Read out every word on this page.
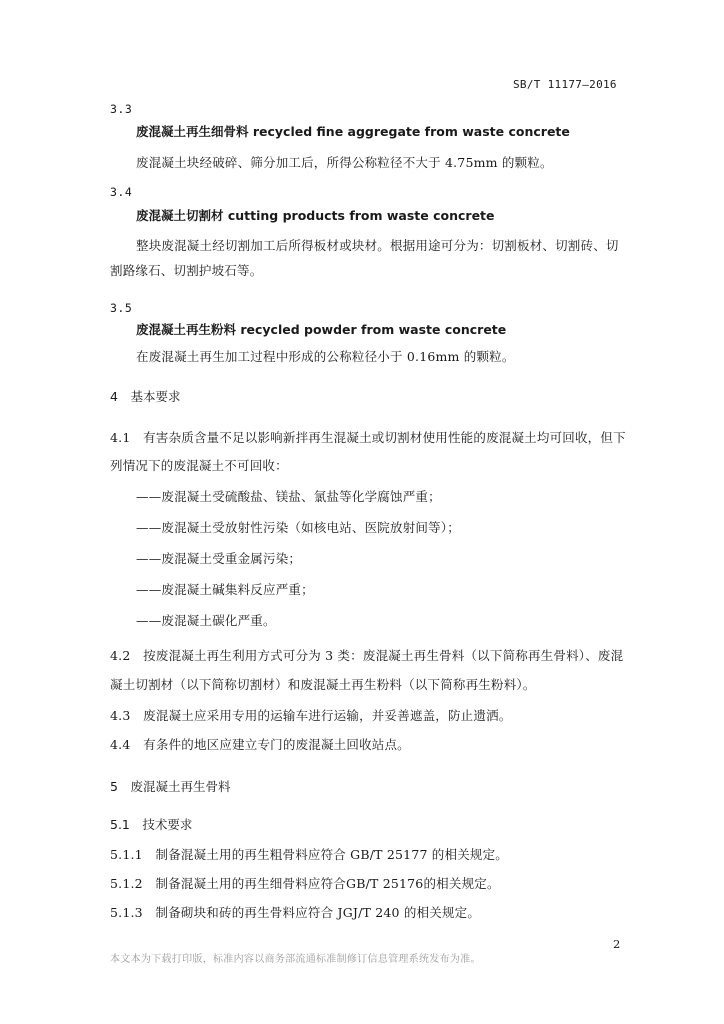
SB/T 11177—2016
3.3
废混凝土再生细骨料 recycled fine aggregate from waste concrete
废混凝土块经破碎、筛分加工后，所得公称粒径不大于 4.75mm 的颗粒。
3.4
废混凝土切割材 cutting products from waste concrete
整块废混凝土经切割加工后所得板材或块材。根据用途可分为：切割板材、切割砖、切
割路缘石、切割护坡石等。
3.5
废混凝土再生粉料 recycled powder from waste concrete
在废混凝土再生加工过程中形成的公称粒径小于 0.16mm 的颗粒。
4　基本要求
4.1　有害杂质含量不足以影响新拌再生混凝土或切割材使用性能的废混凝土均可回收，但下
列情况下的废混凝土不可回收：
——废混凝土受硫酸盐、镁盐、氯盐等化学腐蚀严重；
——废混凝土受放射性污染（如核电站、医院放射间等）；
——废混凝土受重金属污染；
——废混凝土碱集料反应严重；
——废混凝土碳化严重。
4.2　按废混凝土再生利用方式可分为 3 类：废混凝土再生骨料（以下简称再生骨料）、废混
凝土切割材（以下简称切割材）和废混凝土再生粉料（以下简称再生粉料）。
4.3　废混凝土应采用专用的运输车进行运输，并妥善遮盖，防止遗洒。
4.4　有条件的地区应建立专门的废混凝土回收站点。
5　废混凝土再生骨料
5.1　技术要求
5.1.1　制备混凝土用的再生粗骨料应符合 GB/T 25177 的相关规定。
5.1.2　制备混凝土用的再生细骨料应符合GB/T 25176的相关规定。
5.1.3　制备砌块和砖的再生骨料应符合 JGJ/T 240 的相关规定。
2
本文本为下载打印版，标准内容以商务部流通标准制修订信息管理系统发布为准。
